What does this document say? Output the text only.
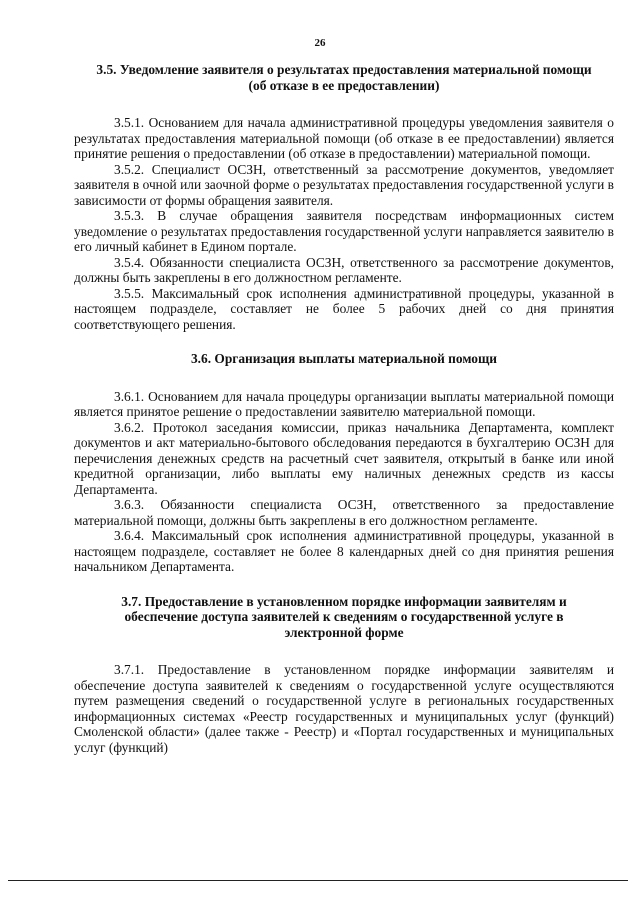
26

3.5. Уведомление заявителя о результатах предоставления материальной помощи (об отказе в ее предоставлении)

3.5.1. Основанием для начала административной процедуры уведомления заявителя о результатах предоставления материальной помощи (об отказе в ее предоставлении) является принятие решения о предоставлении (об отказе в предоставлении) материальной помощи.

3.5.2. Специалист ОСЗН, ответственный за рассмотрение документов, уведомляет заявителя в очной или заочной форме о результатах предоставления государственной услуги в зависимости от формы обращения заявителя.

3.5.3. В случае обращения заявителя посредствам информационных систем уведомление о результатах предоставления государственной услуги направляется заявителю в его личный кабинет в Едином портале.

3.5.4. Обязанности специалиста ОСЗН, ответственного за рассмотрение документов, должны быть закреплены в его должностном регламенте.

3.5.5. Максимальный срок исполнения административной процедуры, указанной в настоящем подразделе, составляет не более 5 рабочих дней со дня принятия соответствующего решения.

3.6. Организация выплаты материальной помощи

3.6.1. Основанием для начала процедуры организации выплаты материальной помощи является принятое решение о предоставлении заявителю материальной помощи.

3.6.2. Протокол заседания комиссии, приказ начальника Департамента, комплект документов и акт материально-бытового обследования передаются в бухгалтерию ОСЗН для перечисления денежных средств на расчетный счет заявителя, открытый в банке или иной кредитной организации, либо выплаты ему наличных денежных средств из кассы Департамента.

3.6.3. Обязанности специалиста ОСЗН, ответственного за предоставление материальной помощи, должны быть закреплены в его должностном регламенте.

3.6.4. Максимальный срок исполнения административной процедуры, указанной в настоящем подразделе, составляет не более 8 календарных дней со дня принятия решения начальником Департамента.

3.7. Предоставление в установленном порядке информации заявителям и обеспечение доступа заявителей к сведениям о государственной услуге в электронной форме

3.7.1. Предоставление в установленном порядке информации заявителям и обеспечение доступа заявителей к сведениям о государственной услуге осуществляются путем размещения сведений о государственной услуге в региональных государственных информационных системах «Реестр государственных и муниципальных услуг (функций) Смоленской области» (далее также - Реестр) и «Портал государственных и муниципальных услуг (функций)
